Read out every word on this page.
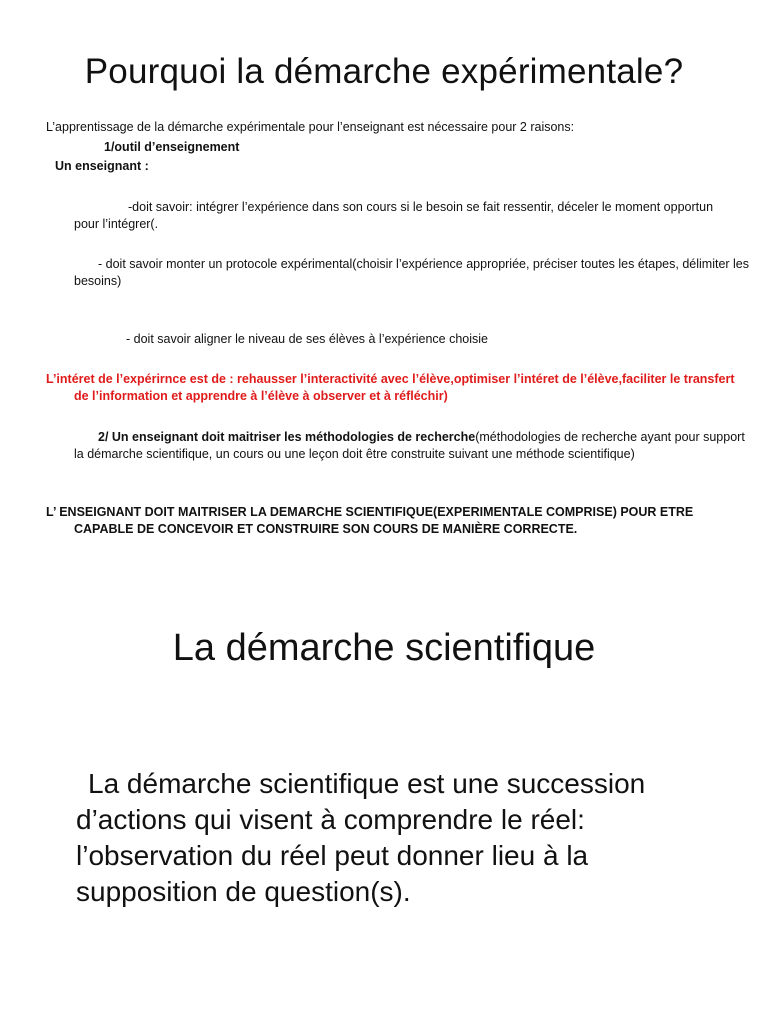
Pourquoi la démarche expérimentale?

L’apprentissage de la démarche expérimentale pour l’enseignant est nécessaire pour 2 raisons:

1/outil d’enseignement

Un enseignant :

-doit savoir: intégrer l’expérience dans son cours si le besoin se fait ressentir, déceler le moment opportun pour l’intégrer(.

- doit savoir monter un protocole expérimental(choisir l’expérience appropriée, préciser toutes les étapes, délimiter les besoins)

- doit savoir aligner le niveau de ses élèves à l’expérience choisie

L’intéret de l’expérirnce est de : rehausser l’interactivité avec l’élève,optimiser l’intéret de l’élève,faciliter le transfert de l’information et apprendre à l’élève à observer et à réfléchir)

2/ Un enseignant doit maitriser les méthodologies de recherche(méthodologies de recherche ayant pour support la démarche scientifique, un cours ou une leçon doit être construite suivant une méthode scientifique)

L’ ENSEIGNANT DOIT MAITRISER LA DEMARCHE SCIENTIFIQUE(EXPERIMENTALE COMPRISE) POUR ETRE CAPABLE DE CONCEVOIR ET CONSTRUIRE SON COURS DE MANIÈRE CORRECTE.

La démarche scientifique

La démarche scientifique est une succession d’actions qui visent à comprendre le réel: l’observation du réel peut donner lieu à la supposition de question(s).
